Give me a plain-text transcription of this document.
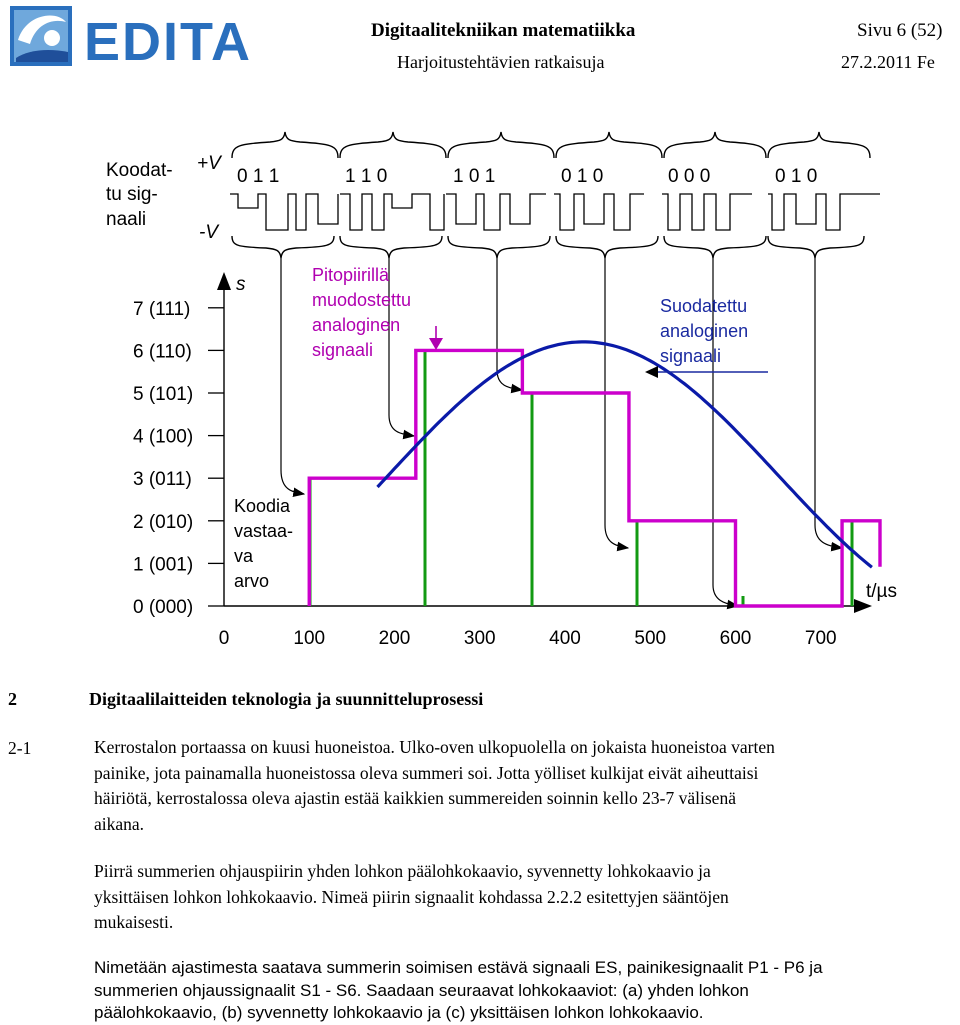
EDITA	Digitaalitekniikan matematiikka	Sivu 6 (52)
Harjoitustehtävien ratkaisuja	27.2.2011 Fe
Koodat-
tu sig-
naali
+V
-V
0 1 1	1 1 0	1 0 1	0 1 0	0 0 0	0 1 0
s
t/µs
7 (111)
6 (110)
5 (101)
4 (100)
3 (011)
2 (010)
1 (001)
0 (000)
0	100	200	300	400	500	600	700
Pitopiirillä
muodostettu
analoginen
signaali
Suodatettu
analoginen
signaali
Koodia
vastaa-
va
arvo
2	Digitaalilaitteiden teknologia ja suunnitteluprosessi
2-1	Kerrostalon portaassa on kuusi huoneistoa. Ulko-oven ulkopuolella on jokaista huoneistoa varten
painike, jota painamalla huoneistossa oleva summeri soi. Jotta yölliset kulkijat eivät aiheuttaisi
häiriötä, kerrostalossa oleva ajastin estää kaikkien summereiden soinnin kello 23-7 välisenä
aikana.
Piirrä summerien ohjauspiirin yhden lohkon päälohkokaavio, syvennetty lohkokaavio ja
yksittäisen lohkon lohkokaavio. Nimeä piirin signaalit kohdassa 2.2.2 esitettyjen sääntöjen
mukaisesti.
Nimetään ajastimesta saatava summerin soimisen estävä signaali ES, painikesignaalit P1 - P6 ja
summerien ohjaussignaalit S1 - S6. Saadaan seuraavat lohkokaaviot: (a) yhden lohkon
päälohkokaavio, (b) syvennetty lohkokaavio ja (c) yksittäisen lohkon lohkokaavio.
